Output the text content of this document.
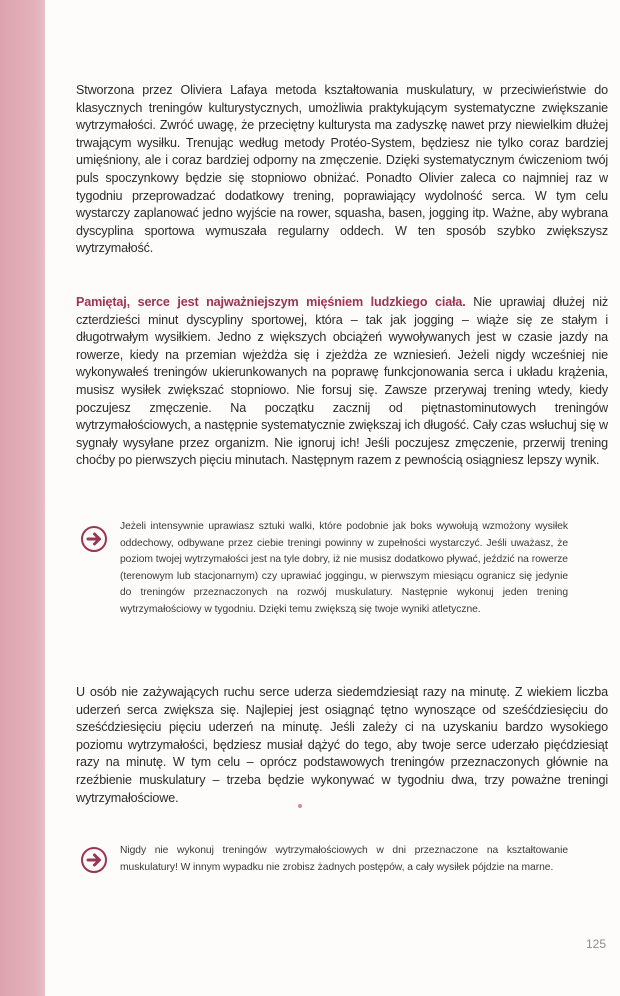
Stworzona przez Oliviera Lafaya metoda kształtowania muskulatury, w przeciwieństwie do klasycznych treningów kulturystycznych, umożliwia praktykującym systematyczne zwiększanie wytrzymałości. Zwróć uwagę, że przeciętny kulturysta ma zadyszkę nawet przy niewielkim dłużej trwającym wysiłku. Trenując według metody Protéo-System, będziesz nie tylko coraz bardziej umięśniony, ale i coraz bardziej odporny na zmęczenie. Dzięki systematycznym ćwiczeniom twój puls spoczynkowy będzie się stopniowo obniżać. Ponadto Olivier zaleca co najmniej raz w tygodniu przeprowadzać dodatkowy trening, poprawiający wydolność serca. W tym celu wystarczy zaplanować jedno wyjście na rower, squasha, basen, jogging itp. Ważne, aby wybrana dyscyplina sportowa wymuszała regularny oddech. W ten sposób szybko zwiększysz wytrzymałość.

Pamiętaj, serce jest najważniejszym mięśniem ludzkiego ciała. Nie uprawiaj dłużej niż czterdzieści minut dyscypliny sportowej, która – tak jak jogging – wiąże się ze stałym i długotrwałym wysiłkiem. Jedno z większych obciążeń wywoływanych jest w czasie jazdy na rowerze, kiedy na przemian wjeżdża się i zjeżdża ze wzniesień. Jeżeli nigdy wcześniej nie wykonywałeś treningów ukierunkowanych na poprawę funkcjonowania serca i układu krążenia, musisz wysiłek zwiększać stopniowo. Nie forsuj się. Zawsze przerywaj trening wtedy, kiedy poczujesz zmęczenie. Na początku zacznij od piętnastominutowych treningów wytrzymałościowych, a następnie systematycznie zwiększaj ich długość. Cały czas wsłuchuj się w sygnały wysyłane przez organizm. Nie ignoruj ich! Jeśli poczujesz zmęczenie, przerwij trening choćby po pierwszych pięciu minutach. Następnym razem z pewnością osiągniesz lepszy wynik.

Jeżeli intensywnie uprawiasz sztuki walki, które podobnie jak boks wywołują wzmożony wysiłek oddechowy, odbywane przez ciebie treningi powinny w zupełności wystarczyć. Jeśli uważasz, że poziom twojej wytrzymałości jest na tyle dobry, iż nie musisz dodatkowo pływać, jeździć na rowerze (terenowym lub stacjonarnym) czy uprawiać joggingu, w pierwszym miesiącu ogranicz się jedynie do treningów przeznaczonych na rozwój muskulatury. Następnie wykonuj jeden trening wytrzymałościowy w tygodniu. Dzięki temu zwiększą się twoje wyniki atletyczne.

U osób nie zażywających ruchu serce uderza siedemdziesiąt razy na minutę. Z wiekiem liczba uderzeń serca zwiększa się. Najlepiej jest osiągnąć tętno wynoszące od sześćdziesięciu do sześćdziesięciu pięciu uderzeń na minutę. Jeśli zależy ci na uzyskaniu bardzo wysokiego poziomu wytrzymałości, będziesz musiał dążyć do tego, aby twoje serce uderzało pięćdziesiąt razy na minutę. W tym celu – oprócz podstawowych treningów przeznaczonych głównie na rzeźbienie muskulatury – trzeba będzie wykonywać w tygodniu dwa, trzy poważne treningi wytrzymałościowe.

Nigdy nie wykonuj treningów wytrzymałościowych w dni przeznaczone na kształtowanie muskulatury! W innym wypadku nie zrobisz żadnych postępów, a cały wysiłek pójdzie na marne.

125
